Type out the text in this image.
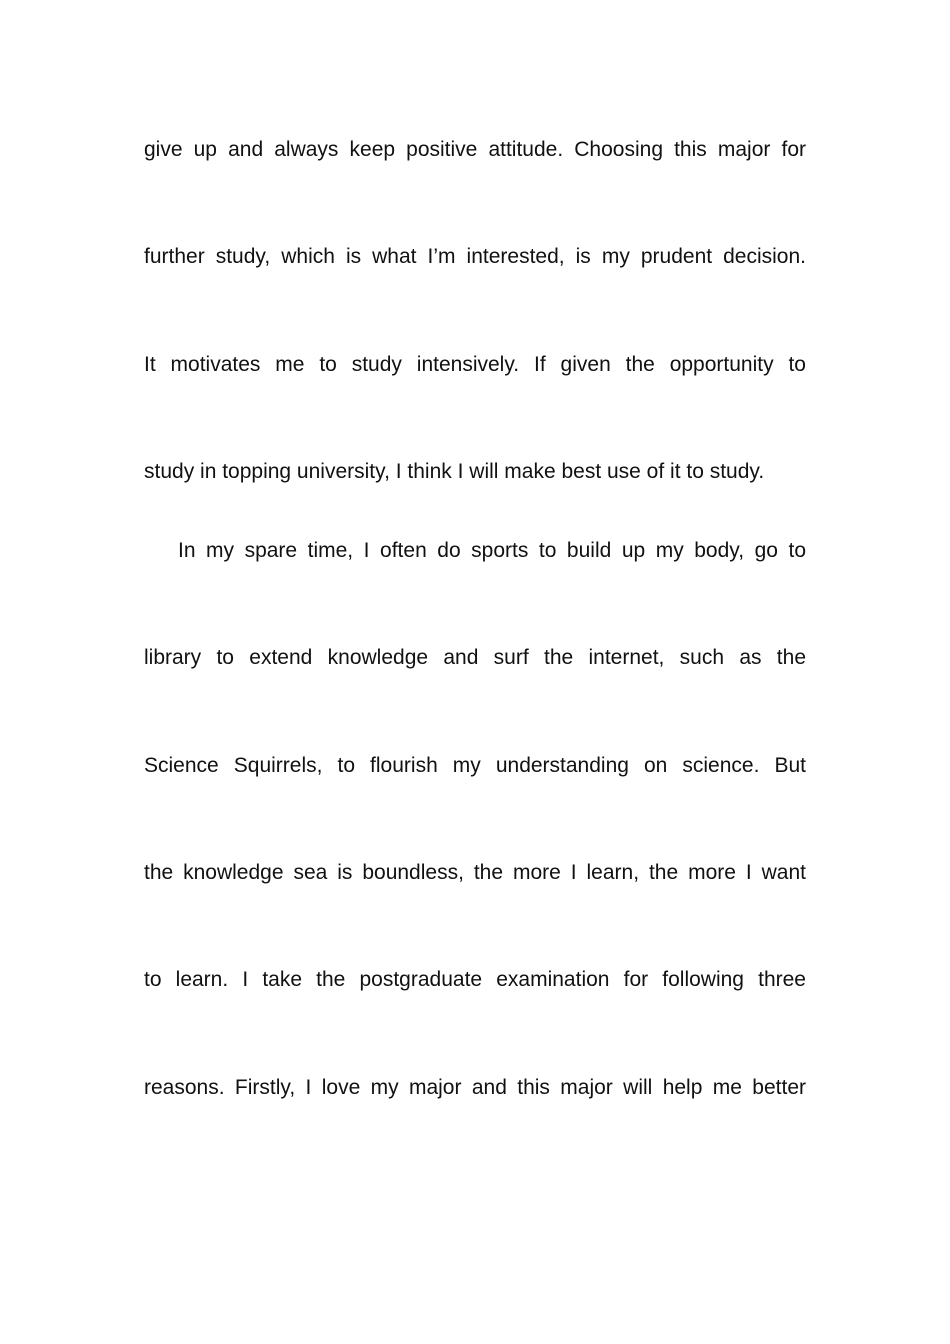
give up and always keep positive attitude. Choosing this major for
further study, which is what I’m interested, is my prudent decision.
It motivates me to study intensively. If given the opportunity to
study in topping university, I think I will make best use of it to study.
In my spare time, I often do sports to build up my body, go to
library to extend knowledge and surf the internet, such as the
Science Squirrels, to flourish my understanding on science. But
the knowledge sea is boundless, the more I learn, the more I want
to learn. I take the postgraduate examination for following three
reasons. Firstly, I love my major and this major will help me better
